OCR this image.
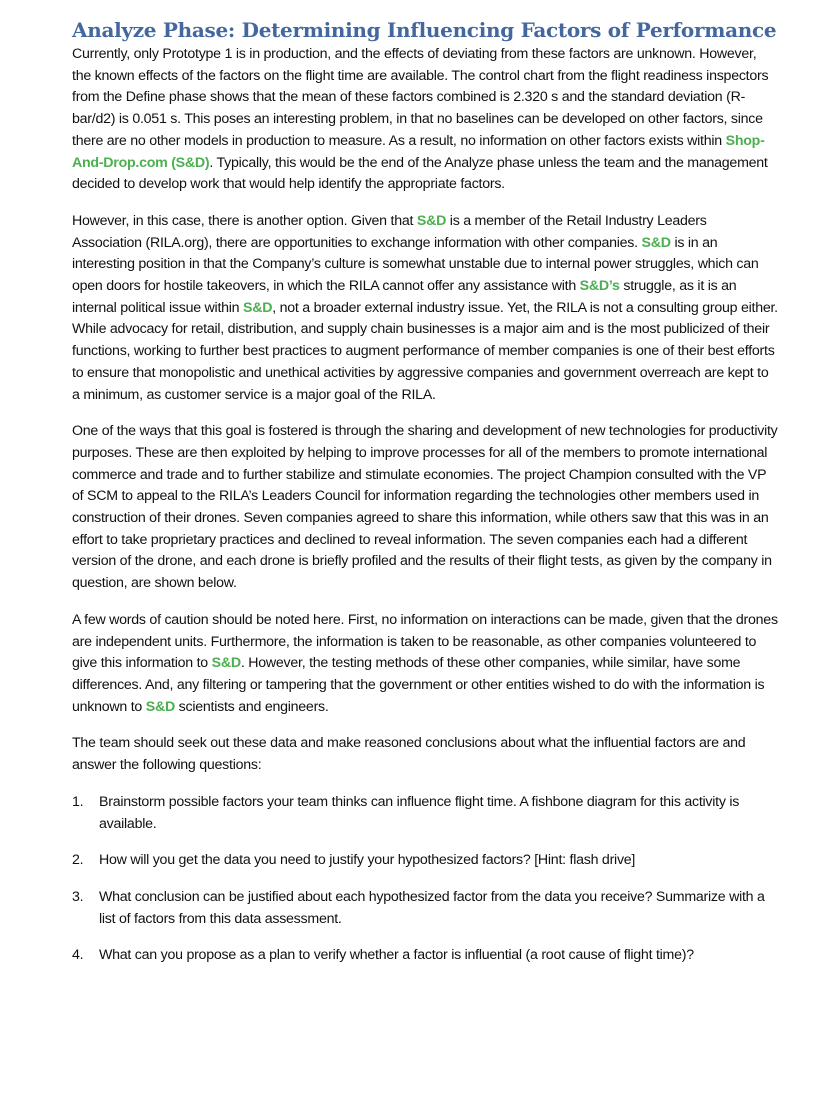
Analyze Phase: Determining Influencing Factors of Performance

Currently, only Prototype 1 is in production, and the effects of deviating from these factors are unknown. However, the known effects of the factors on the flight time are available. The control chart from the flight readiness inspectors from the Define phase shows that the mean of these factors combined is 2.320 s and the standard deviation (R-bar/d2) is 0.051 s. This poses an interesting problem, in that no baselines can be developed on other factors, since there are no other models in production to measure. As a result, no information on other factors exists within Shop-And-Drop.com (S&D). Typically, this would be the end of the Analyze phase unless the team and the management decided to develop work that would help identify the appropriate factors.

However, in this case, there is another option. Given that S&D is a member of the Retail Industry Leaders Association (RILA.org), there are opportunities to exchange information with other companies. S&D is in an interesting position in that the Company’s culture is somewhat unstable due to internal power struggles, which can open doors for hostile takeovers, in which the RILA cannot offer any assistance with S&D’s struggle, as it is an internal political issue within S&D, not a broader external industry issue. Yet, the RILA is not a consulting group either. While advocacy for retail, distribution, and supply chain businesses is a major aim and is the most publicized of their functions, working to further best practices to augment performance of member companies is one of their best efforts to ensure that monopolistic and unethical activities by aggressive companies and government overreach are kept to a minimum, as customer service is a major goal of the RILA.

One of the ways that this goal is fostered is through the sharing and development of new technologies for productivity purposes. These are then exploited by helping to improve processes for all of the members to promote international commerce and trade and to further stabilize and stimulate economies. The project Champion consulted with the VP of SCM to appeal to the RILA’s Leaders Council for information regarding the technologies other members used in construction of their drones. Seven companies agreed to share this information, while others saw that this was in an effort to take proprietary practices and declined to reveal information. The seven companies each had a different version of the drone, and each drone is briefly profiled and the results of their flight tests, as given by the company in question, are shown below.

A few words of caution should be noted here. First, no information on interactions can be made, given that the drones are independent units. Furthermore, the information is taken to be reasonable, as other companies volunteered to give this information to S&D. However, the testing methods of these other companies, while similar, have some differences. And, any filtering or tampering that the government or other entities wished to do with the information is unknown to S&D scientists and engineers.

The team should seek out these data and make reasoned conclusions about what the influential factors are and answer the following questions:

1.	Brainstorm possible factors your team thinks can influence flight time. A fishbone diagram for this activity is available.
2.	How will you get the data you need to justify your hypothesized factors? [Hint: flash drive]
3.	What conclusion can be justified about each hypothesized factor from the data you receive? Summarize with a list of factors from this data assessment.
4.	What can you propose as a plan to verify whether a factor is influential (a root cause of flight time)?
